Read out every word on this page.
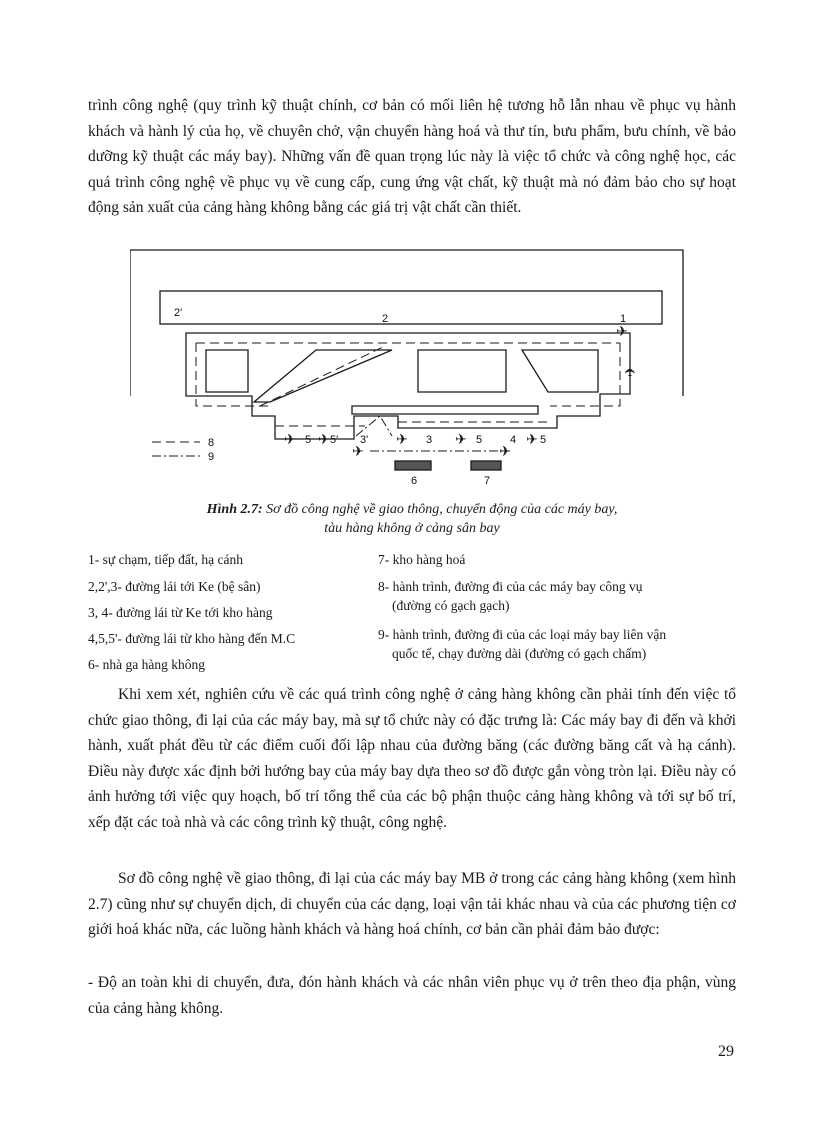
trình công nghệ (quy trình kỹ thuật chính, cơ bản có mối liên hệ tương hỗ lẫn nhau về phục vụ hành khách và hành lý của họ, về chuyên chở, vận chuyển hàng hoá và thư tín, bưu phẩm, bưu chính, về bảo dưỡng kỹ thuật các máy bay). Những vấn đề quan trọng lúc này là việc tổ chức và công nghệ học, các quá trình công nghệ về phục vụ về cung cấp, cung ứng vật chất, kỹ thuật mà nó đảm bảo cho sự hoạt động sản xuất của cảng hàng không bằng các giá trị vật chất cần thiết.

✈
✈
✈ ✈
✈
✈	✈
✈
✈
2'	2	1
5 5' 3'	3	5	4 5
6	7
8
9
Hình 2.7: Sơ đồ công nghệ về giao thông, chuyển động của các máy bay,
tàu hàng không ở cảng sân bay
1- sự chạm, tiếp đất, hạ cánh
2,2',3- đường lái tới Ke (bệ sân)
3, 4- đường lái từ Ke tới kho hàng
4,5,5'- đường lái từ kho hàng đến M.C
6- nhà ga hàng không
7- kho hàng hoá
8- hành trình, đường đi của các máy bay công vụ
(đường có gạch gạch)
9- hành trình, đường đi của các loại máy bay liên vận
quốc tế, chạy đường dài (đường có gạch chấm)

Khi xem xét, nghiên cứu về các quá trình công nghệ ở cảng hàng không cần phải tính đến việc tổ chức giao thông, đi lại của các máy bay, mà sự tổ chức này có đặc trưng là: Các máy bay đi đến và khởi hành, xuất phát đều từ các điểm cuối đối lập nhau của đường băng (các đường băng cất và hạ cánh). Điều này được xác định bởi hướng bay của máy bay dựa theo sơ đồ được gắn vòng tròn lại. Điều này có ảnh hưởng tới việc quy hoạch, bố trí tổng thể của các bộ phận thuộc cảng hàng không và tới sự bố trí, xếp đặt các toà nhà và các công trình kỹ thuật, công nghệ.

Sơ đồ công nghệ về giao thông, đi lại của các máy bay MB ở trong các cảng hàng không (xem hình 2.7) cũng như sự chuyển dịch, di chuyển của các dạng, loại vận tải khác nhau và của các phương tiện cơ giới hoá khác nữa, các luồng hành khách và hàng hoá chính, cơ bản cần phải đảm bảo được:

- Độ an toàn khi di chuyển, đưa, đón hành khách và các nhân viên phục vụ ở trên theo địa phận, vùng của cảng hàng không.

29
